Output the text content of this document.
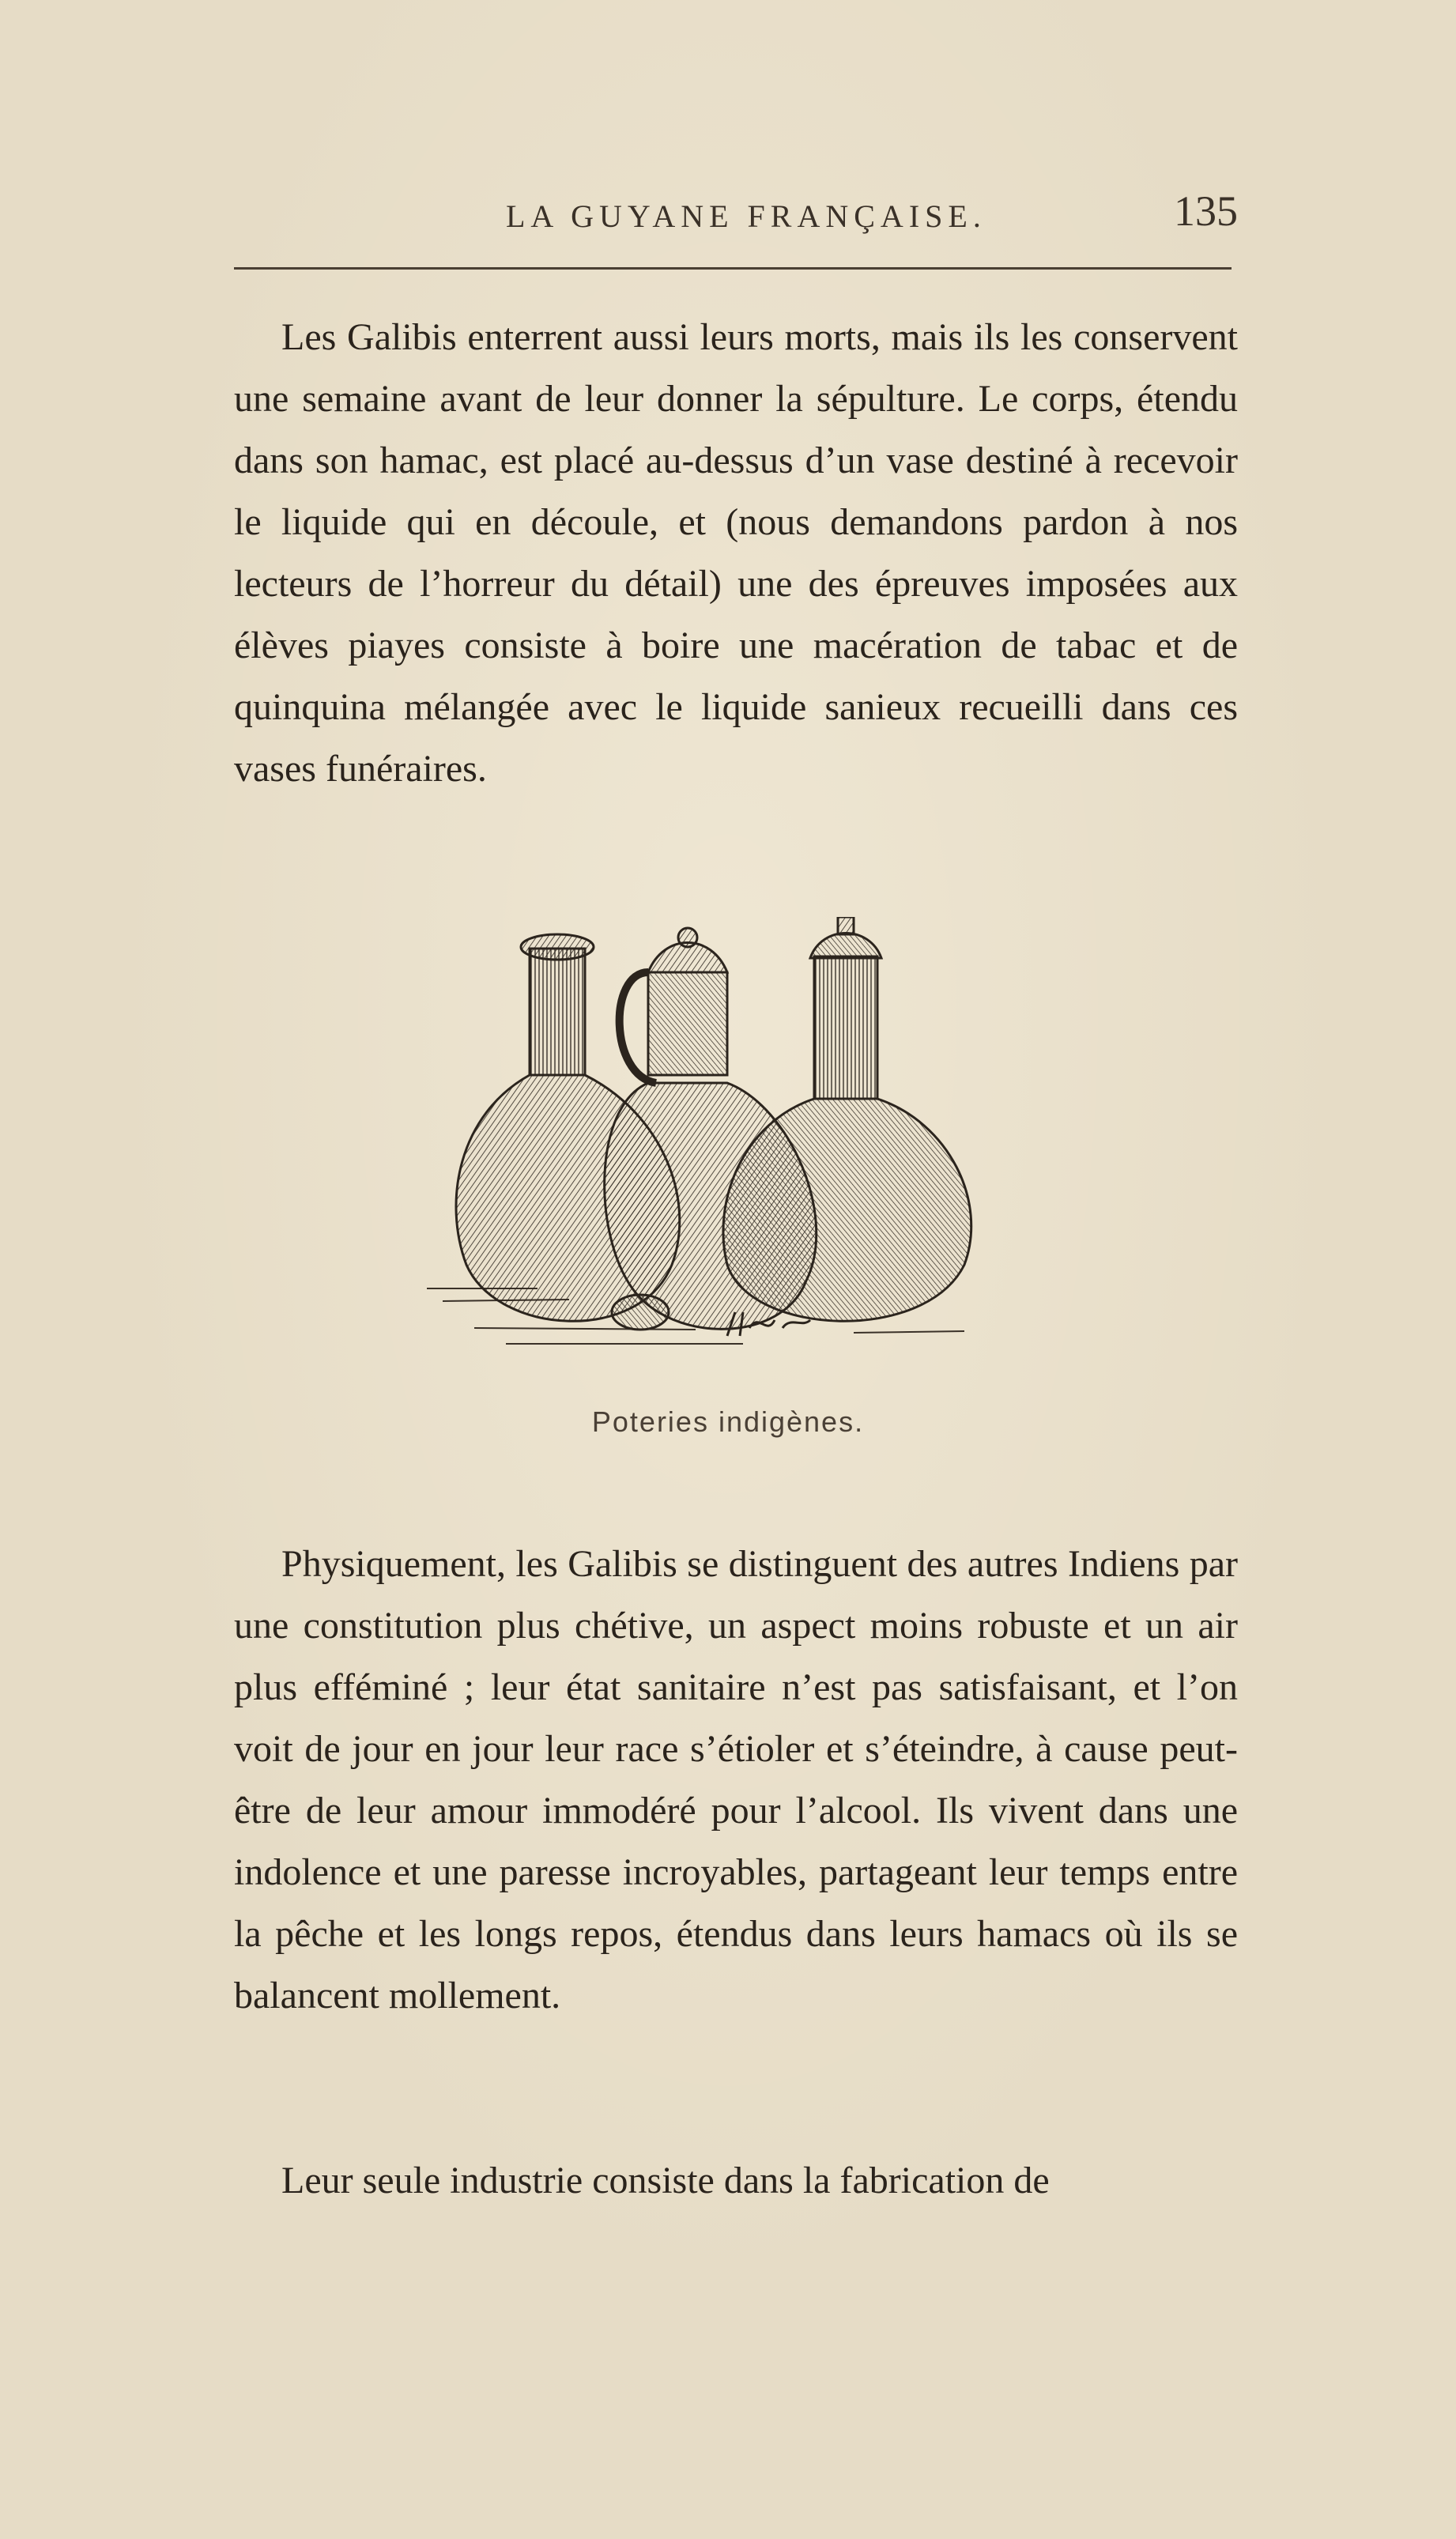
LA GUYANE FRANÇAISE.	135

Les Galibis enterrent aussi leurs morts, mais ils les conservent une semaine avant de leur donner la sépulture. Le corps, étendu dans son hamac, est placé au-dessus d’un vase destiné à recevoir le liquide qui en découle, et (nous demandons pardon à nos lecteurs de l’horreur du détail) une des épreuves imposées aux élèves piayes consiste à boire une macération de tabac et de quinquina mélangée avec le liquide sanieux recueilli dans ces vases funéraires.

Poteries indigènes.

Physiquement, les Galibis se distinguent des autres Indiens par une constitution plus chétive, un aspect moins robuste et un air plus efféminé ; leur état sanitaire n’est pas satisfaisant, et l’on voit de jour en jour leur race s’étioler et s’éteindre, à cause peut-être de leur amour immodéré pour l’alcool. Ils vivent dans une indolence et une paresse incroyables, partageant leur temps entre la pêche et les longs repos, étendus dans leurs hamacs où ils se balancent mollement.

Leur seule industrie consiste dans la fabrication de
